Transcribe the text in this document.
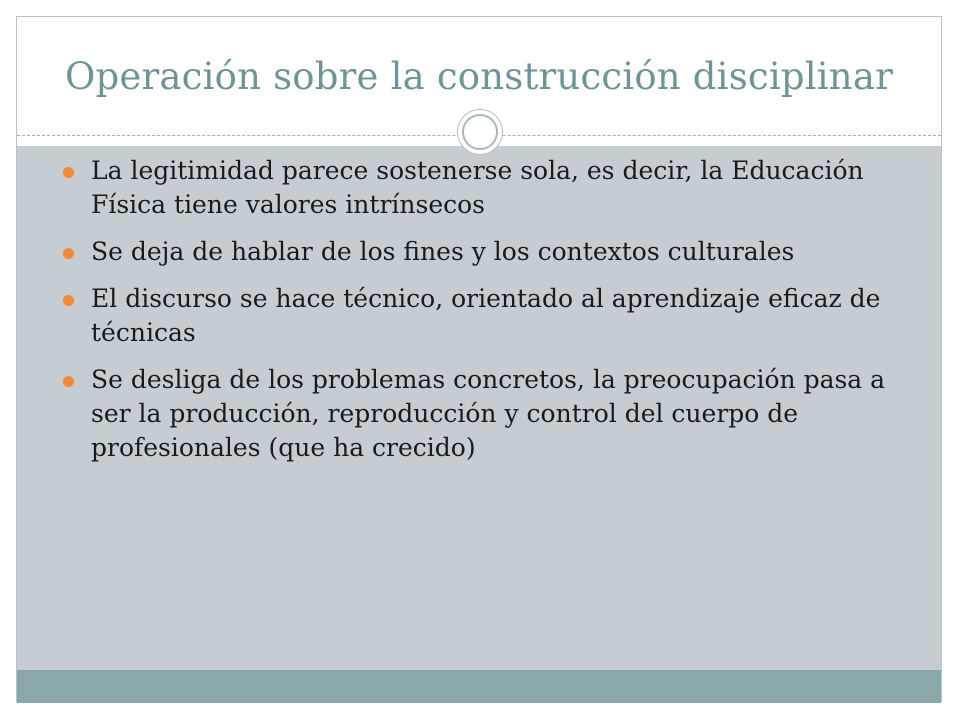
Operación sobre la construcción disciplinar
La legitimidad parece sostenerse sola, es decir, la Educación Física tiene valores intrínsecos
Se deja de hablar de los fines y los contextos culturales
El discurso se hace técnico, orientado al aprendizaje eficaz de técnicas
Se desliga de los problemas concretos, la preocupación pasa a ser la producción, reproducción y control del cuerpo de profesionales (que ha crecido)
